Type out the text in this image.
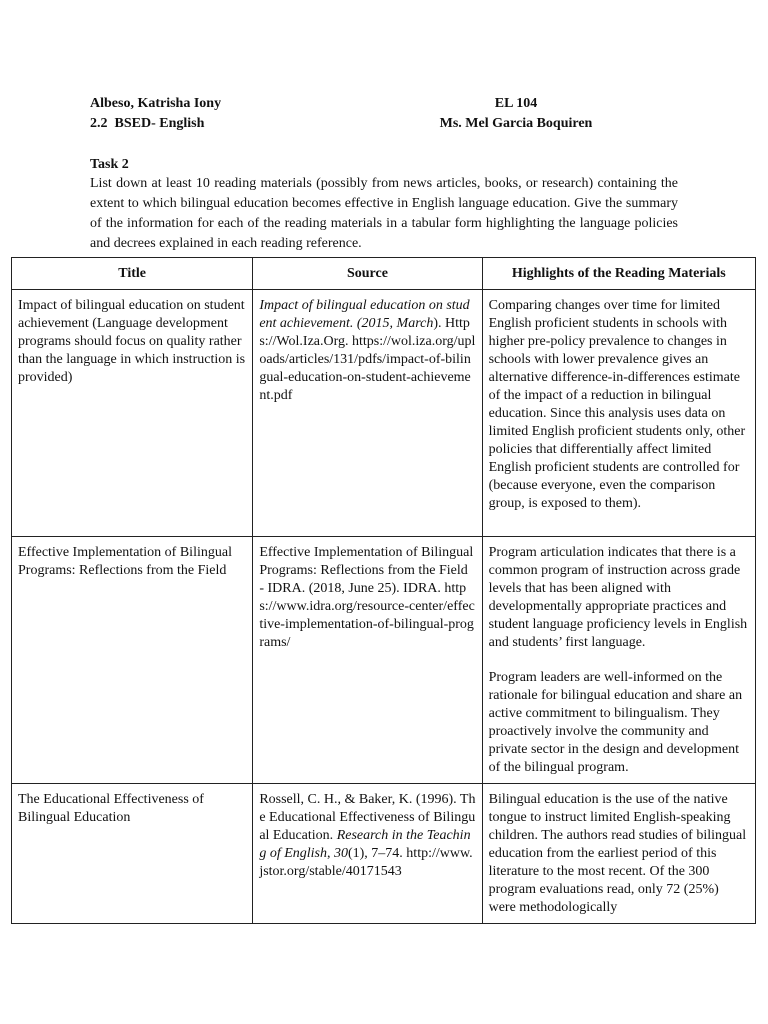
Albeso, Katrisha Iony	EL 104
2.2  BSED- English	Ms. Mel Garcia Boquiren
Task 2
List down at least 10 reading materials (possibly from news articles, books, or research) containing the extent to which bilingual education becomes effective in English language education. Give the summary of the information for each of the reading materials in a tabular form highlighting the language policies and decrees explained in each reading reference.
Title	Source	Highlights of the Reading Materials
Impact of bilingual education on student achievement (Language development programs should focus on quality rather than the language in which instruction is provided)	Impact of bilingual education on student achievement. (2015, March). Https://Wol.Iza.Org. https://wol.iza.org/uploads/articles/131/pdfs/impact-of-bilingual-education-on-student-achievement.pdf	Comparing changes over time for limited English proficient students in schools with higher pre-policy prevalence to changes in schools with lower prevalence gives an alternative difference-in-differences estimate of the impact of a reduction in bilingual education. Since this analysis uses data on limited English proficient students only, other policies that differentially affect limited English proficient students are controlled for (because everyone, even the comparison group, is exposed to them).
Effective Implementation of Bilingual Programs: Reflections from the Field	Effective Implementation of Bilingual Programs: Reflections from the Field - IDRA. (2018, June 25). IDRA. https://www.idra.org/resource-center/effective-implementation-of-bilingual-programs/	Program articulation indicates that there is a common program of instruction across grade levels that has been aligned with developmentally appropriate practices and student language proficiency levels in English and students’ first language.
Program leaders are well-informed on the rationale for bilingual education and share an active commitment to bilingualism. They proactively involve the community and private sector in the design and development of the bilingual program.

The Educational Effectiveness of Bilingual Education	Rossell, C. H., & Baker, K. (1996). The Educational Effectiveness of Bilingual Education. Research in the Teaching of English, 30(1), 7–74. http://www.jstor.org/stable/40171543	Bilingual education is the use of the native tongue to instruct limited English-speaking children. The authors read studies of bilingual education from the earliest period of this literature to the most recent. Of the 300 program evaluations read, only 72 (25%) were methodologically
